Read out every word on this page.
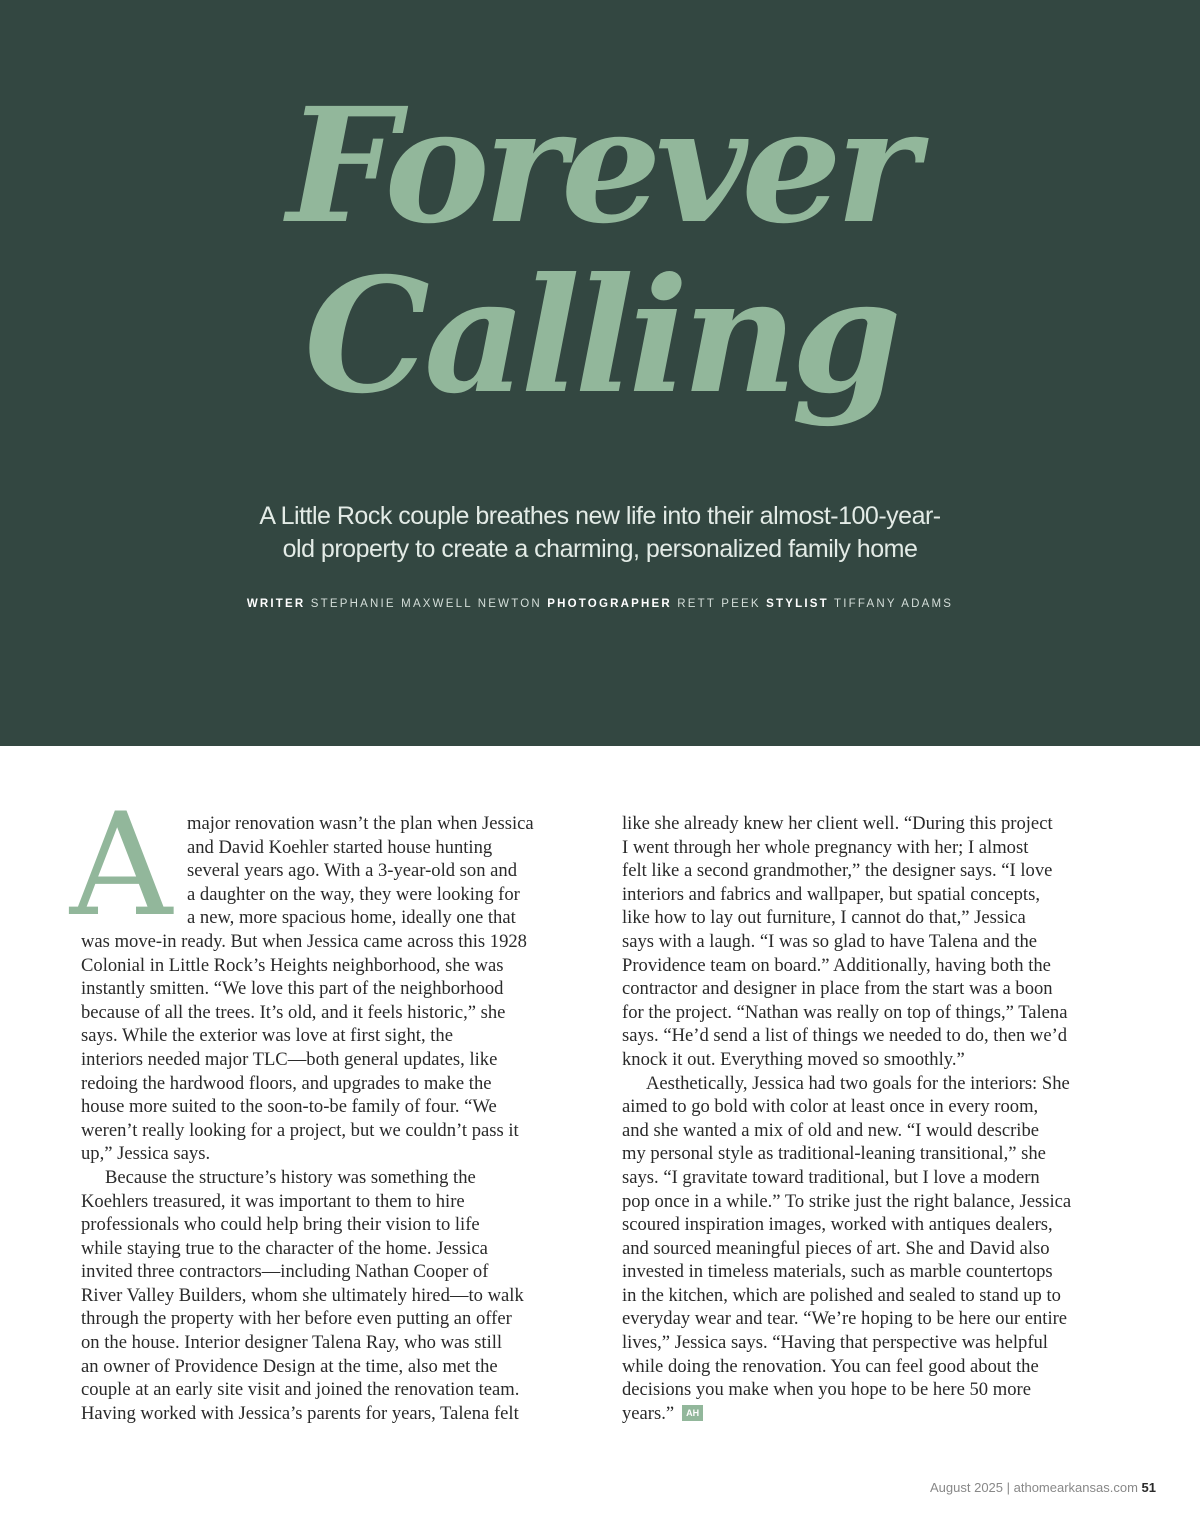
Forever
Calling
A Little Rock couple breathes new life into their almost-100-year-
old property to create a charming, personalized family home
WRITER STEPHANIE MAXWELL NEWTON PHOTOGRAPHER RETT PEEK STYLIST TIFFANY ADAMS
A major renovation wasn’t the plan when Jessica
and David Koehler started house hunting
several years ago. With a 3-year-old son and
a daughter on the way, they were looking for
a new, more spacious home, ideally one that
was move-in ready. But when Jessica came across this 1928
Colonial in Little Rock’s Heights neighborhood, she was
instantly smitten. “We love this part of the neighborhood
because of all the trees. It’s old, and it feels historic,” she
says. While the exterior was love at first sight, the
interiors needed major TLC—both general updates, like
redoing the hardwood floors, and upgrades to make the
house more suited to the soon-to-be family of four. “We
weren’t really looking for a project, but we couldn’t pass it
up,” Jessica says.

Because the structure’s history was something the
Koehlers treasured, it was important to them to hire
professionals who could help bring their vision to life
while staying true to the character of the home. Jessica
invited three contractors—including Nathan Cooper of
River Valley Builders, whom she ultimately hired—to walk
through the property with her before even putting an offer
on the house. Interior designer Talena Ray, who was still
an owner of Providence Design at the time, also met the
couple at an early site visit and joined the renovation team.
Having worked with Jessica’s parents for years, Talena felt

like she already knew her client well. “During this project
I went through her whole pregnancy with her; I almost
felt like a second grandmother,” the designer says. “I love
interiors and fabrics and wallpaper, but spatial concepts,
like how to lay out furniture, I cannot do that,” Jessica
says with a laugh. “I was so glad to have Talena and the
Providence team on board.” Additionally, having both the
contractor and designer in place from the start was a boon
for the project. “Nathan was really on top of things,” Talena
says. “He’d send a list of things we needed to do, then we’d
knock it out. Everything moved so smoothly.”

Aesthetically, Jessica had two goals for the interiors: She
aimed to go bold with color at least once in every room,
and she wanted a mix of old and new. “I would describe
my personal style as traditional-leaning transitional,” she
says. “I gravitate toward traditional, but I love a modern
pop once in a while.” To strike just the right balance, Jessica
scoured inspiration images, worked with antiques dealers,
and sourced meaningful pieces of art. She and David also
invested in timeless materials, such as marble countertops
in the kitchen, which are polished and sealed to stand up to
everyday wear and tear. “We’re hoping to be here our entire
lives,” Jessica says. “Having that perspective was helpful
while doing the renovation. You can feel good about the
decisions you make when you hope to be here 50 more
years.” AH

August 2025 | athomearkansas.com 51
